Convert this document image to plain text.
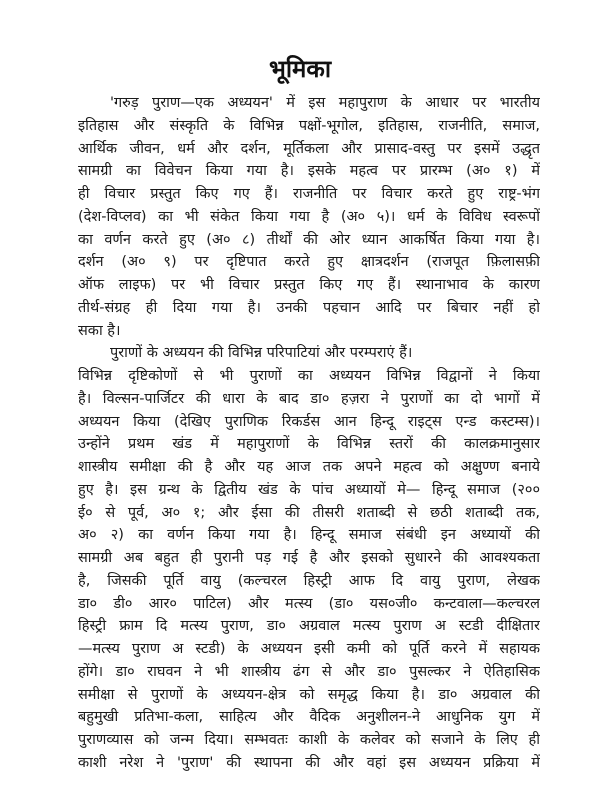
भूमिका
'गरुड़ पुराण—एक अध्ययन' में इस महापुराण के आधार पर भारतीय
इतिहास और संस्कृति के विभिन्न पक्षों-भूगोल, इतिहास, राजनीति, समाज,
आर्थिक जीवन, धर्म और दर्शन, मूर्तिकला और प्रासाद-वस्तु पर इसमें उद्धृत
सामग्री का विवेचन किया गया है। इसके महत्व पर प्रारम्भ (अ० १) में
ही विचार प्रस्तुत किए गए हैं। राजनीति पर विचार करते हुए राष्ट्र-भंग
(देश-विप्लव) का भी संकेत किया गया है (अ० ५)। धर्म के विविध स्वरूपों
का वर्णन करते हुए (अ० ८) तीर्थों की ओर ध्यान आकर्षित किया गया है।
दर्शन (अ० ९) पर दृष्टिपात करते हुए क्षात्रदर्शन (राजपूत फ़िलासफ़ी
ऑफ लाइफ) पर भी विचार प्रस्तुत किए गए हैं। स्थानाभाव के कारण
तीर्थ-संग्रह ही दिया गया है। उनकी पहचान आदि पर बिचार नहीं हो
सका है।
पुराणों के अध्ययन की विभिन्न परिपाटियां और परम्पराएं हैं।
विभिन्न दृष्टिकोणों से भी पुराणों का अध्ययन विभिन्न विद्वानों ने किया
है। विल्सन-पार्जिटर की धारा के बाद डा० हज़रा ने पुराणों का दो भागों में
अध्ययन किया (देखिए पुराणिक रिकर्डस आन हिन्दू राइट्स एन्ड कस्टम्स)।
उन्होंने प्रथम खंड में महापुराणों के विभिन्न स्तरों की कालक्रमानुसार
शास्त्रीय समीक्षा की है और यह आज तक अपने महत्व को अक्षुण्ण बनाये
हुए है। इस ग्रन्थ के द्वितीय खंड के पांच अध्यायों मे— हिन्दू समाज (२००
ई० से पूर्व, अ० १; और ईसा की तीसरी शताब्दी से छठी शताब्दी तक,
अ० २) का वर्णन किया गया है। हिन्दू समाज संबंधी इन अध्यायों की
सामग्री अब बहुत ही पुरानी पड़ गई है और इसको सुधारने की आवश्यकता
है, जिसकी पूर्ति वायु (कल्चरल हिस्ट्री आफ दि वायु पुराण, लेखक
डा० डी० आर० पाटिल) और मत्स्य (डा० यस०जी० कन्टवाला—कल्चरल
हिस्ट्री फ्राम दि मत्स्य पुराण, डा० अग्रवाल मत्स्य पुराण अ स्टडी दीक्षितार
—मत्स्य पुराण अ स्टडी) के अध्ययन इसी कमी को पूर्ति करने में सहायक
होंगे। डा० राघवन ने भी शास्त्रीय ढंग से और डा० पुसल्कर ने ऐतिहासिक
समीक्षा से पुराणों के अध्ययन-क्षेत्र को समृद्ध किया है। डा० अग्रवाल की
बहुमुखी प्रतिभा-कला, साहित्य और वैदिक अनुशीलन-ने आधुनिक युग में
पुराणव्यास को जन्म दिया। सम्भवतः काशी के कलेवर को सजाने के लिए ही
काशी नरेश ने 'पुराण' की स्थापना की और वहां इस अध्ययन प्रक्रिया में
